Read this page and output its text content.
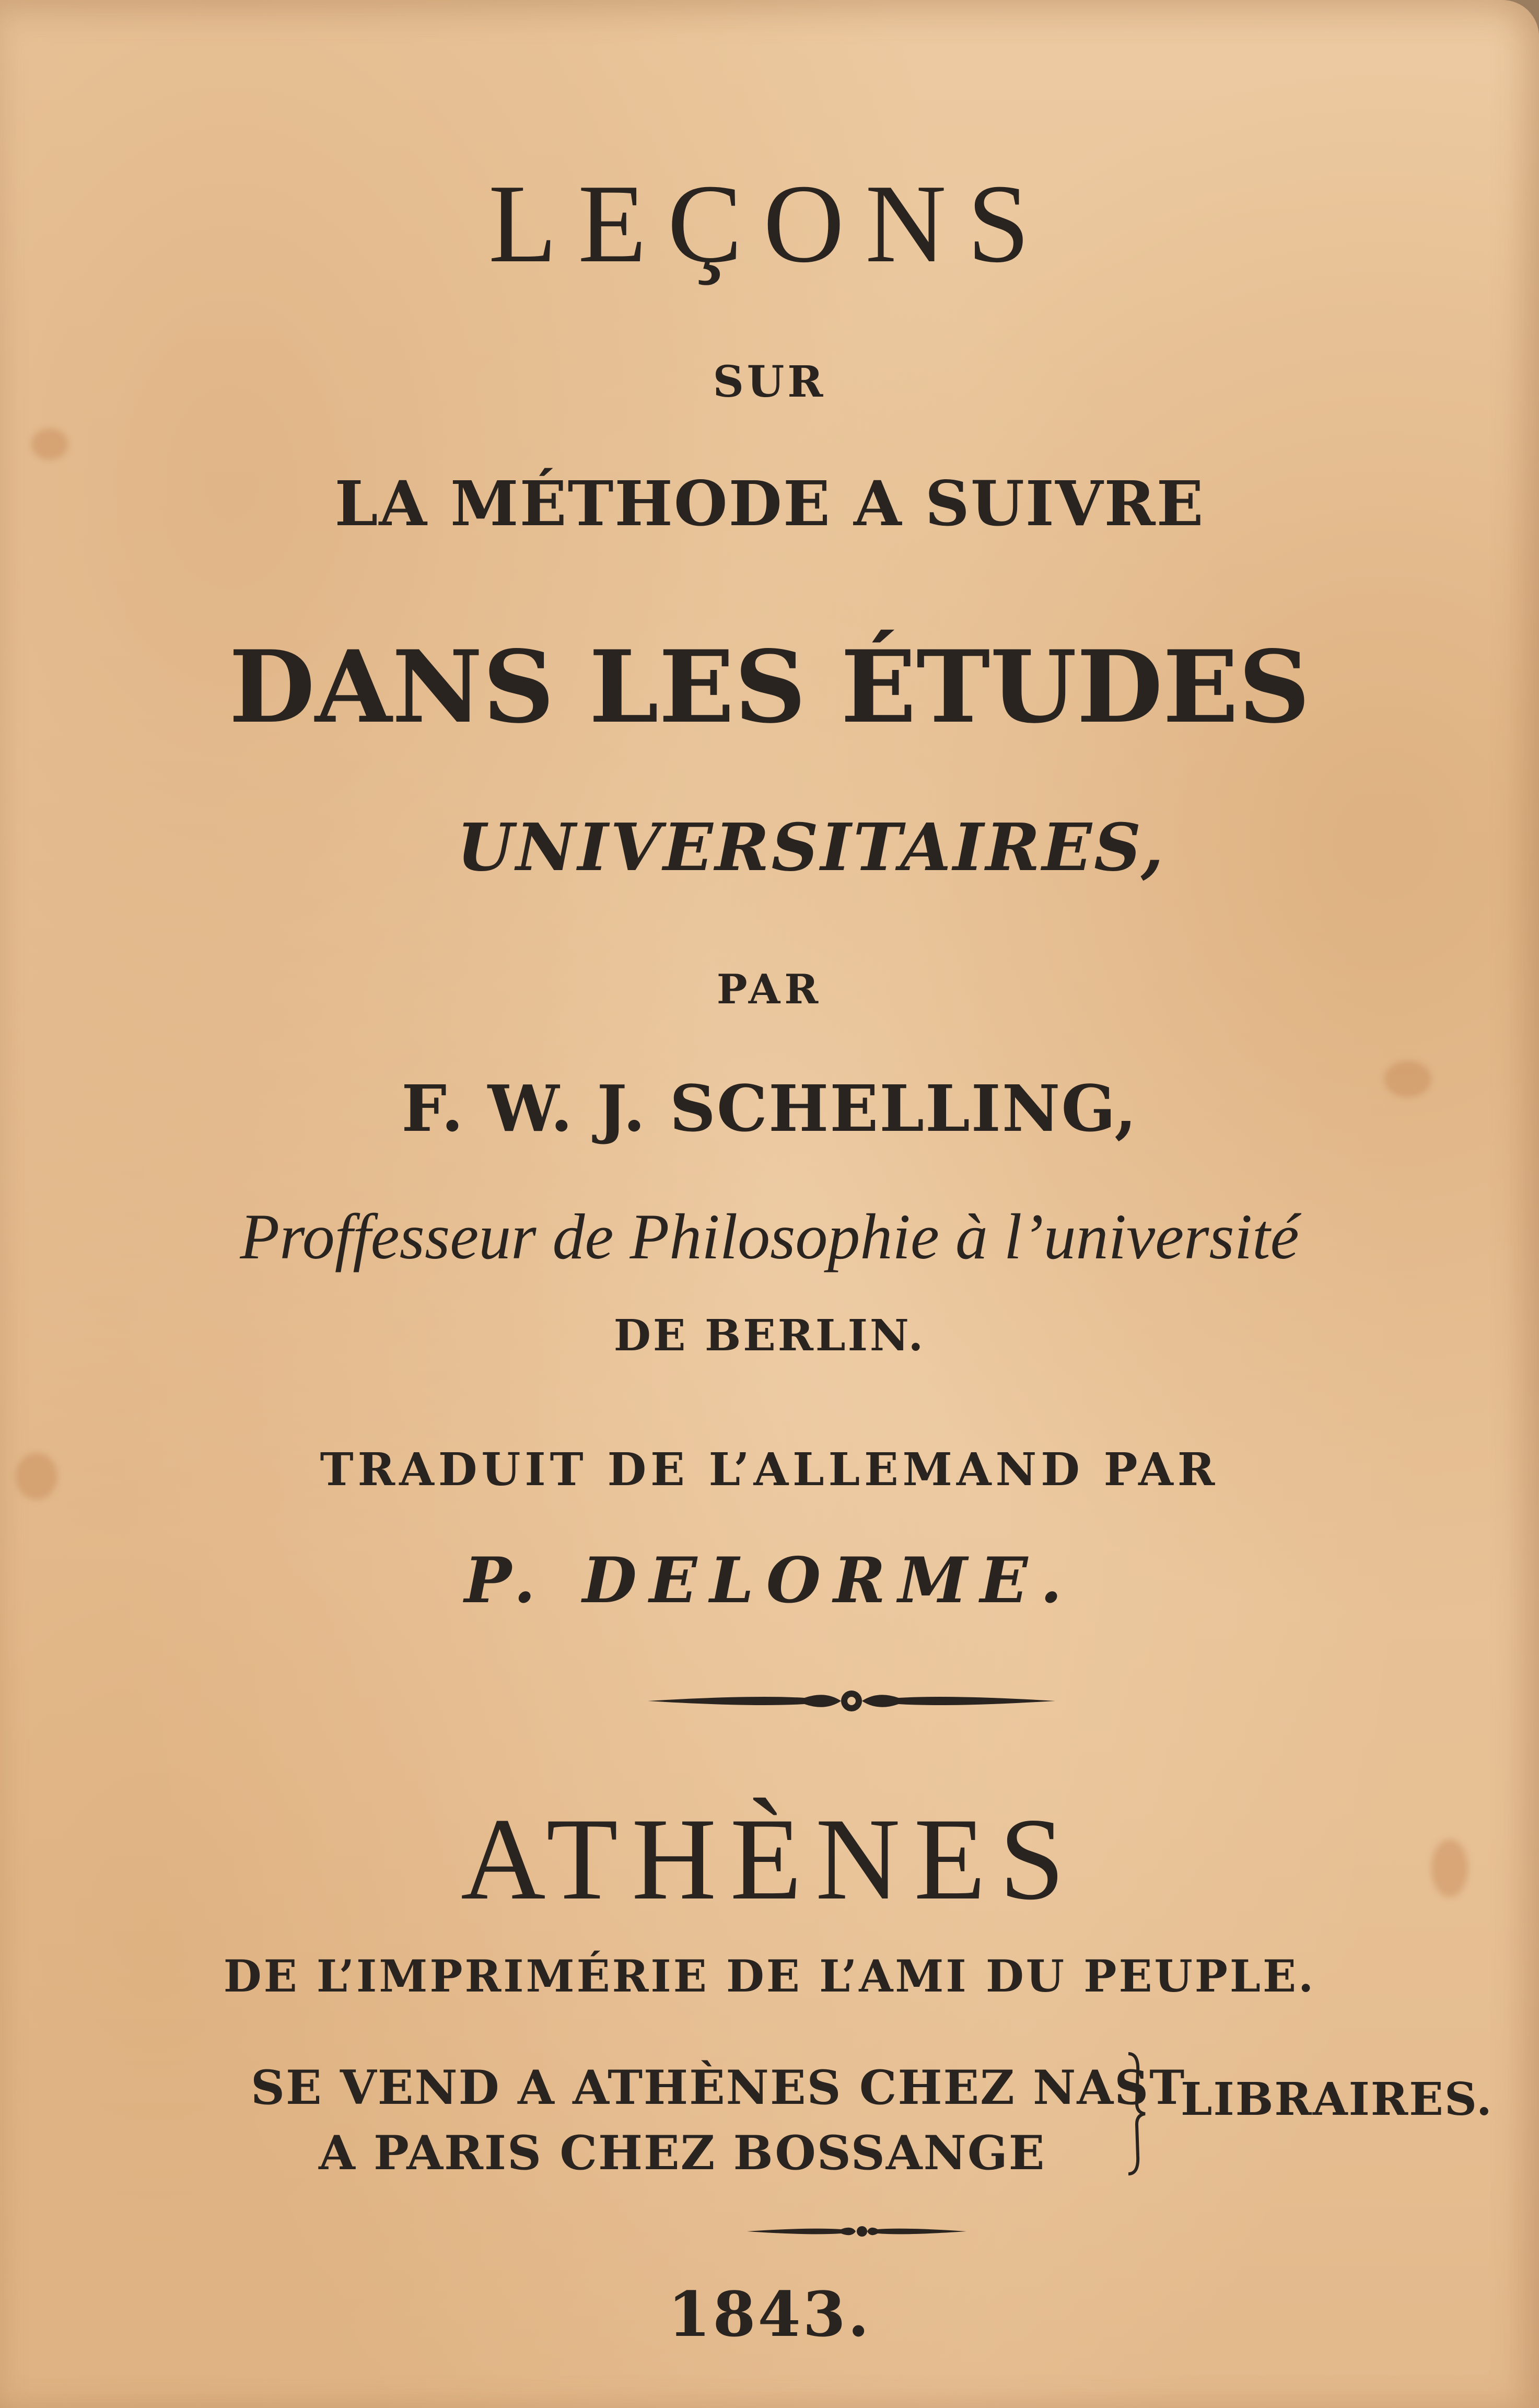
LEÇONS

SUR

LA MÉTHODE A SUIVRE

DANS LES ÉTUDES

UNIVERSITAIRES,

PAR

F. W. J. SCHELLING,

Proffesseur de Philosophie à l’université

DE BERLIN.

TRADUIT DE L’ALLEMAND PAR

P. DELORME.

ATHÈNES

DE L’IMPRIMÉRIE DE L’AMI DU PEUPLE.

SE VEND A ATHÈNES CHEZ NAST

A PARIS CHEZ BOSSANGE

LIBRAIRES.

1843.
